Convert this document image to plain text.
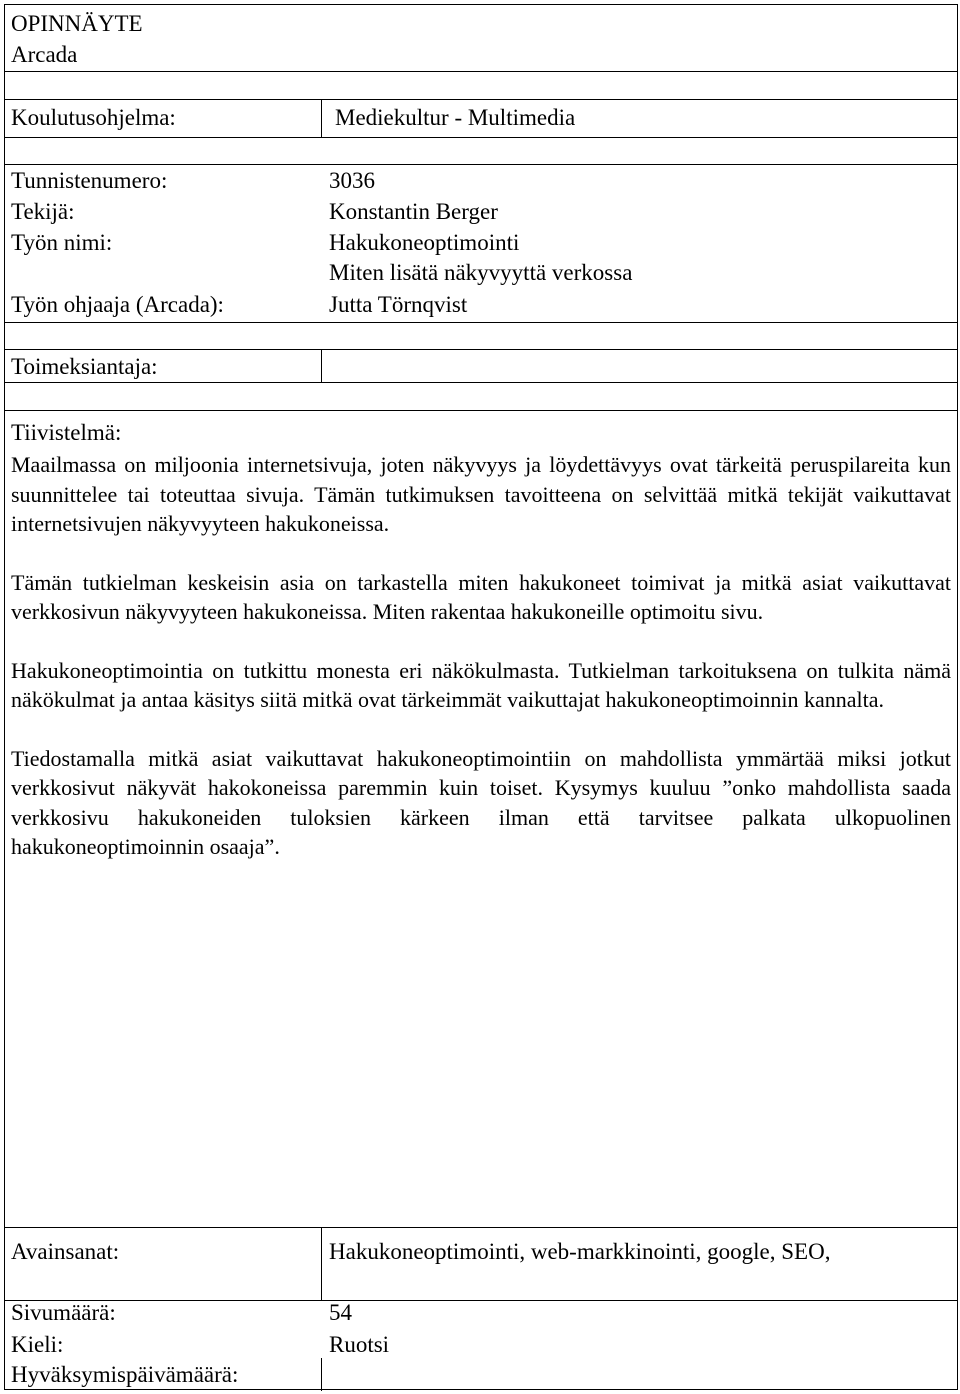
OPINNÄYTE
Arcada
Koulutusohjelma:	Mediekultur - Multimedia
Tunnistenumero:	3036
Tekijä:	Konstantin Berger
Työn nimi:	Hakukoneoptimointi
Miten lisätä näkyvyyttä verkossa
Työn ohjaaja (Arcada):	Jutta Törnqvist
Toimeksiantaja:
Tiivistelmä:

Maailmassa on miljoonia internetsivuja, joten näkyvyys ja löydettävyys ovat tärkeitä peruspilareita kun suunnittelee tai toteuttaa sivuja. Tämän tutkimuksen tavoitteena on selvittää mitkä tekijät vaikuttavat internetsivujen näkyvyyteen hakukoneissa.

Tämän tutkielman keskeisin asia on tarkastella miten hakukoneet toimivat ja mitkä asiat vaikuttavat verkkosivun näkyvyyteen hakukoneissa. Miten rakentaa hakukoneille optimoitu sivu.

Hakukoneoptimointia on tutkittu monesta eri näkökulmasta. Tutkielman tarkoituksena on tulkita nämä näkökulmat ja antaa käsitys siitä mitkä ovat tärkeimmät vaikuttajat hakukoneoptimoinnin kannalta.

Tiedostamalla mitkä asiat vaikuttavat hakukoneoptimointiin on mahdollista ymmärtää miksi jotkut verkkosivut näkyvät hakokoneissa paremmin kuin toiset. Kysymys kuuluu ”onko mahdollista saada verkkosivu hakukoneiden tuloksien kärkeen ilman että tarvitsee palkata ulkopuolinen hakukoneoptimoinnin osaaja”.

Avainsanat:	Hakukoneoptimointi, web-markkinointi, google, SEO,
Sivumäärä:	54
Kieli:	Ruotsi
Hyväksymispäivämäärä:
